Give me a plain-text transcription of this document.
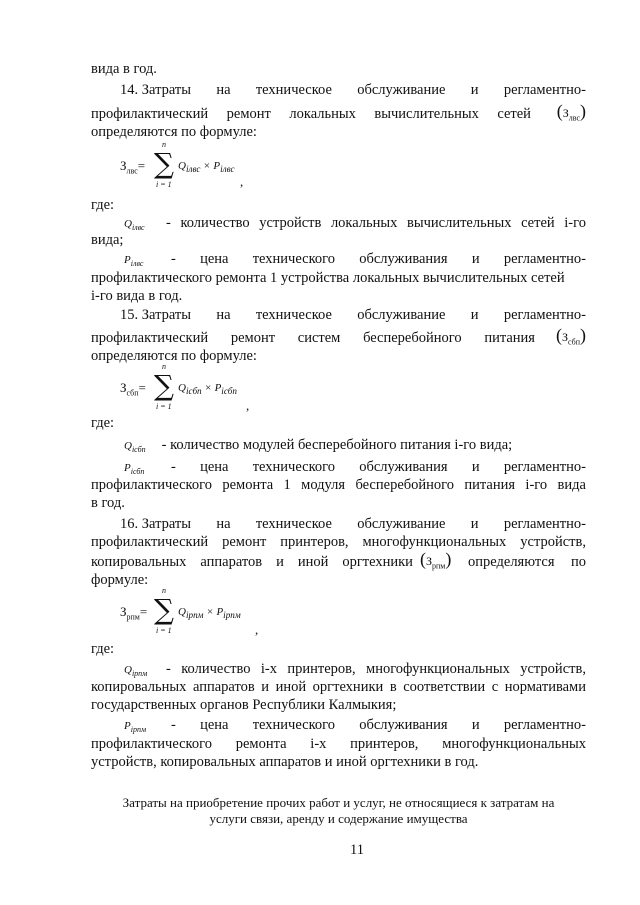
вида в год.
14. Затраты на техническое обслуживание и регламентно-
профилактический ремонт локальных вычислительных сетей $(З_{лвс})$
определяются по формуле:
$З_{лвс}=$
n
∑
i = 1
$Q_{iлвс} \times P_{iлвс}$
,
где:
$Q_{iлвс}$ - количество устройств локальных вычислительных сетей i-го
вида;
$P_{iлвс}$ - цена технического обслуживания и регламентно-
профилактического ремонта 1 устройства локальных вычислительных сетей
i-го вида в год.
15. Затраты на техническое обслуживание и регламентно-
профилактический ремонт систем бесперебойного питания $(З_{сбп})$
определяются по формуле:
$З_{сбп}=$
n
∑
i = 1
$Q_{iсбп} \times P_{iсбп}$
,
где:
$Q_{iсбп}$ - количество модулей бесперебойного питания i-го вида;
$P_{iсбп}$ - цена технического обслуживания и регламентно-
профилактического ремонта 1 модуля бесперебойного питания i-го вида
в год.
16. Затраты на техническое обслуживание и регламентно-
профилактический ремонт принтеров, многофункциональных устройств,
копировальных аппаратов и иной оргтехники $(З_{рпм})$ определяются по
формуле:
$З_{рпм}=$
n
∑
i = 1
$Q_{iрпм} \times P_{iрпм}$
,
где:
$Q_{iрпм}$ - количество i-х принтеров, многофункциональных устройств,
копировальных аппаратов и иной оргтехники в соответствии с нормативами
государственных органов Республики Калмыкия;
$P_{iрпм}$ - цена технического обслуживания и регламентно-
профилактического ремонта i-х принтеров, многофункциональных
устройств, копировальных аппаратов и иной оргтехники в год.
Затраты на приобретение прочих работ и услуг, не относящиеся к затратам на
услуги связи, аренду и содержание имущества
11
